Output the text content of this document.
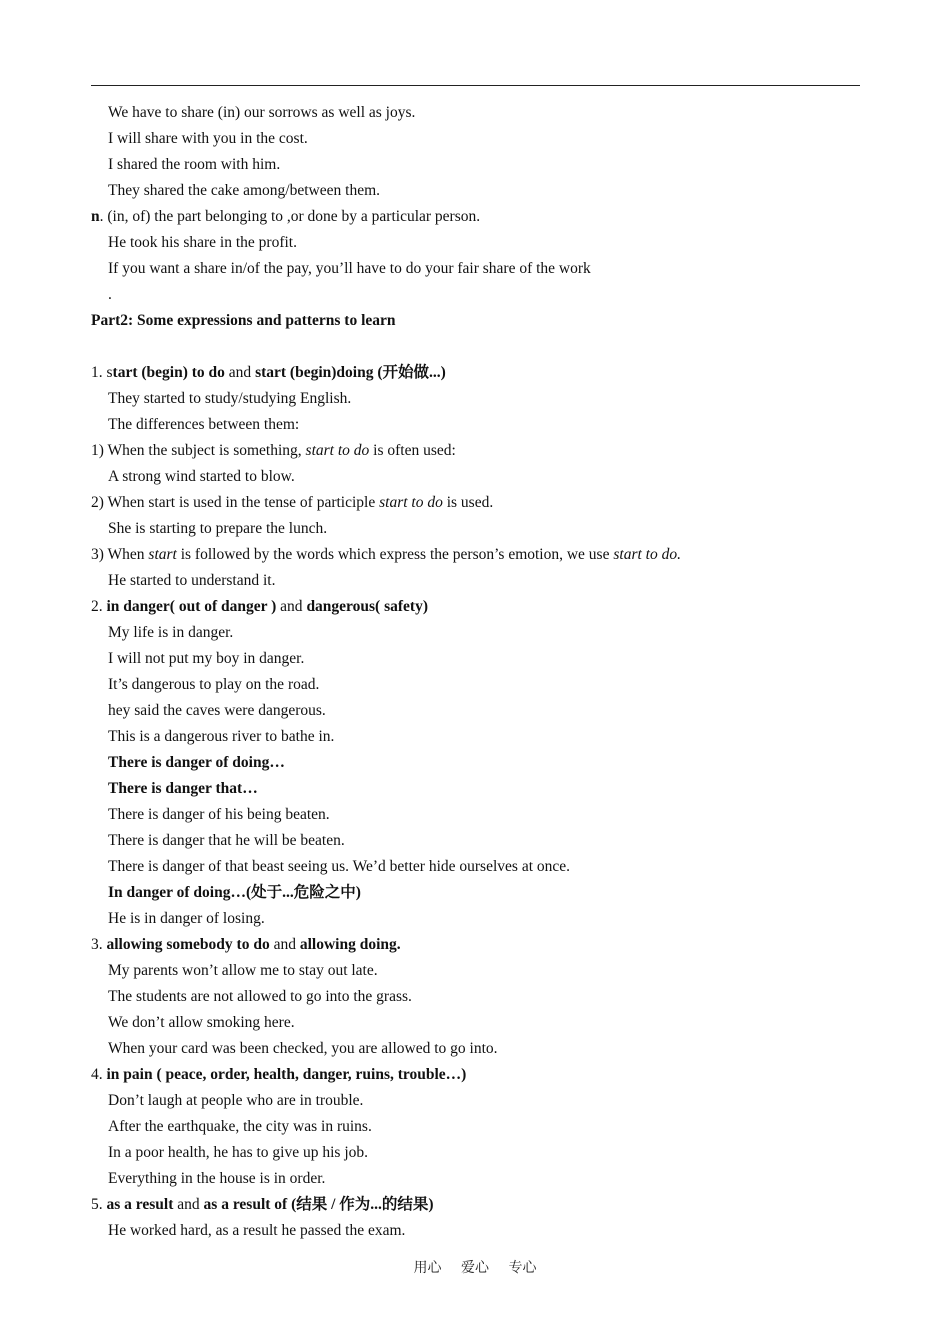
We have to share (in) our sorrows as well as joys.
I will share with you in the cost.
I shared the room with him.
They shared the cake among/between them.
n. (in, of) the part belonging to ,or done by a particular person.
He took his share in the profit.
If you want a share in/of the pay, you’ll have to do your fair share of the work
.
Part2: Some expressions and patterns to learn
1. start (begin) to do and start (begin)doing (开始做...)
They started to study/studying English.
The differences between them:
1) When the subject is something, start to do is often used:
A strong wind started to blow.
2) When start is used in the tense of participle start to do is used.
She is starting to prepare the lunch.
3) When start is followed by the words which express the person’s emotion, we use start to do.
He started to understand it.
2. in danger( out of danger ) and dangerous( safety)
My life is in danger.
I will not put my boy in danger.
It’s dangerous to play on the road.
hey said the caves were dangerous.
This is a dangerous river to bathe in.
There is danger of doing…
There is danger that…
There is danger of his being beaten.
There is danger that he will be beaten.
There is danger of that beast seeing us. We’d better hide ourselves at once.
In danger of doing…(处于...危险之中)
He is in danger of losing.
3. allowing somebody to do and allowing doing.
My parents won’t allow me to stay out late.
The students are not allowed to go into the grass.
We don’t allow smoking here.
When your card was been checked, you are allowed to go into.
4. in pain ( peace, order, health, danger, ruins, trouble…)
Don’t laugh at people who are in trouble.
After the earthquake, the city was in ruins.
In a poor health, he has to give up his job.
Everything in the house is in order.
5. as a result and as a result of (结果 / 作为...的结果)
He worked hard, as a result he passed the exam.
用心 爱心 专心
